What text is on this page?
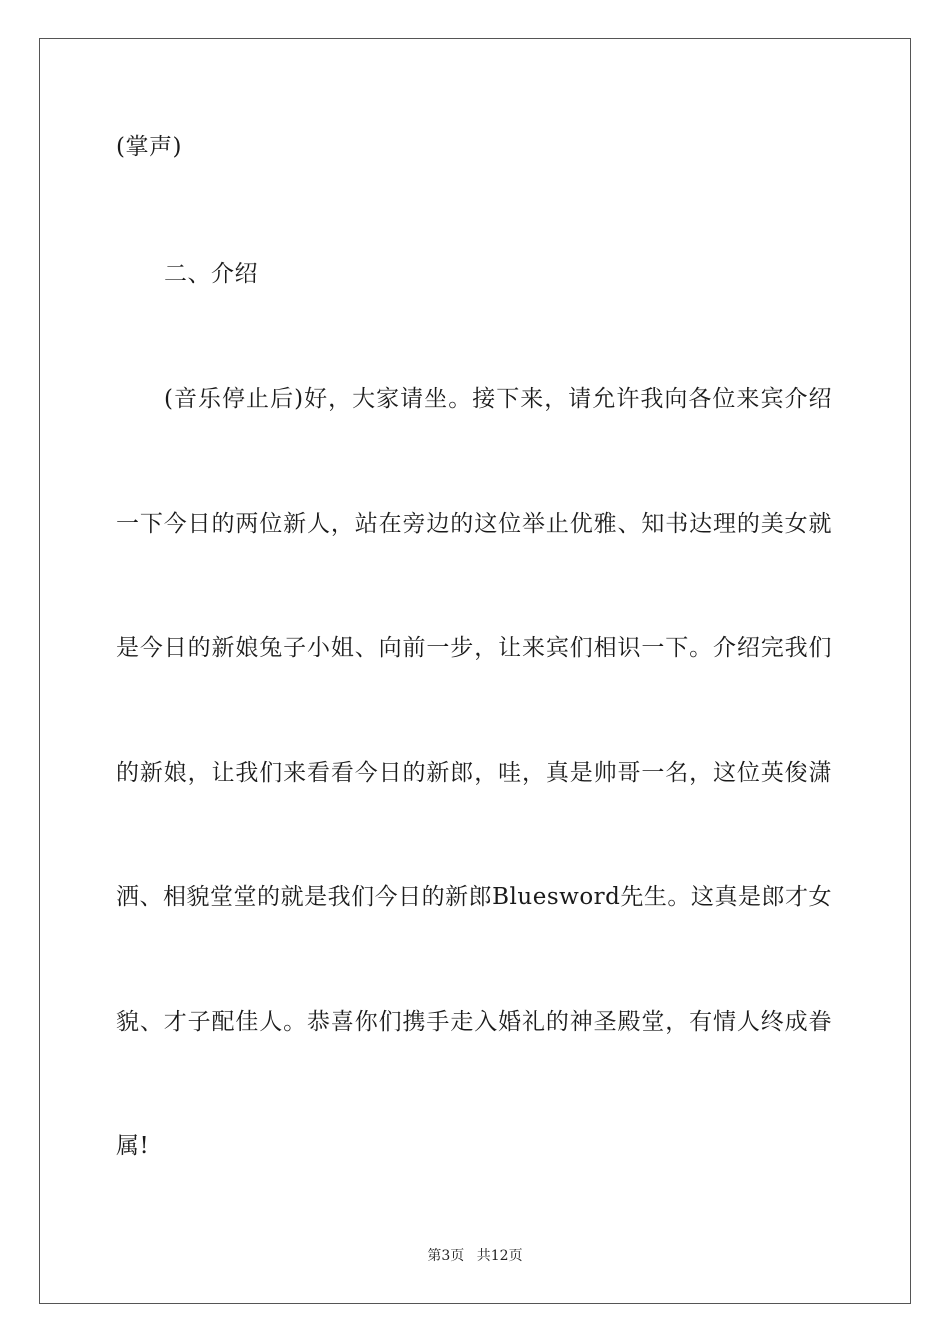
(掌声)
二、介绍
(音乐停止后)好，大家请坐。接下来，请允许我向各位来宾介绍
一下今日的两位新人，站在旁边的这位举止优雅、知书达理的美女就
是今日的新娘兔子小姐、向前一步，让来宾们相识一下。介绍完我们
的新娘，让我们来看看今日的新郎，哇，真是帅哥一名，这位英俊潇
洒、相貌堂堂的就是我们今日的新郎Bluesword先生。这真是郎才女
貌、才子配佳人。恭喜你们携手走入婚礼的神圣殿堂，有情人终成眷
属!
第3页 共12页
